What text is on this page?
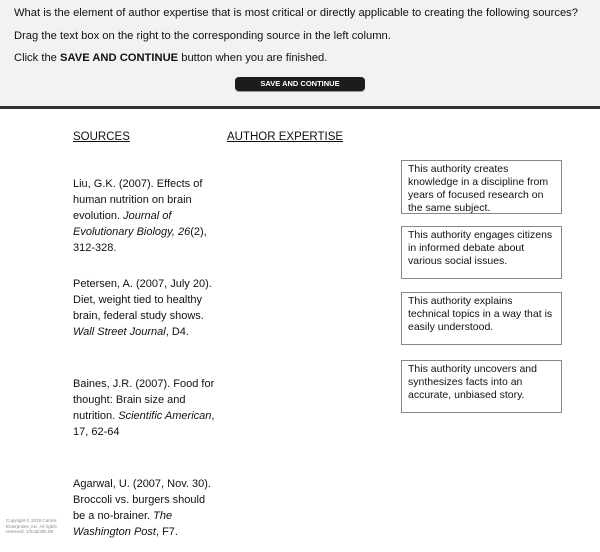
What is the element of author expertise that is most critical or directly applicable to creating the following sources?
Drag the text box on the right to the corresponding source in the left column.
Click the SAVE AND CONTINUE button when you are finished.
SAVE AND CONTINUE
SOURCES	AUTHOR EXPERTISE
Liu, G.K. (2007). Effects of human nutrition on brain evolution. Journal of Evolutionary Biology, 26(2), 312-328.
Petersen, A. (2007, July 20). Diet, weight tied to healthy brain, federal study shows. Wall Street Journal, D4.
Baines, J.R. (2007). Food for thought: Brain size and nutrition. Scientific American, 17, 62-64
Agarwal, U. (2007, Nov. 30). Broccoli vs. burgers should be a no-brainer. The Washington Post, F7.
This authority creates knowledge in a discipline from years of focused research on the same subject.
This authority engages citizens in informed debate about various social issues.
This authority explains technical topics in a way that is easily understood.
This authority uncovers and synthesizes facts into an accurate, unbiased story.
Copyright © 2018 Carrick Enterprises, Inc. All rights reserved. 1/hold/3ith.08
